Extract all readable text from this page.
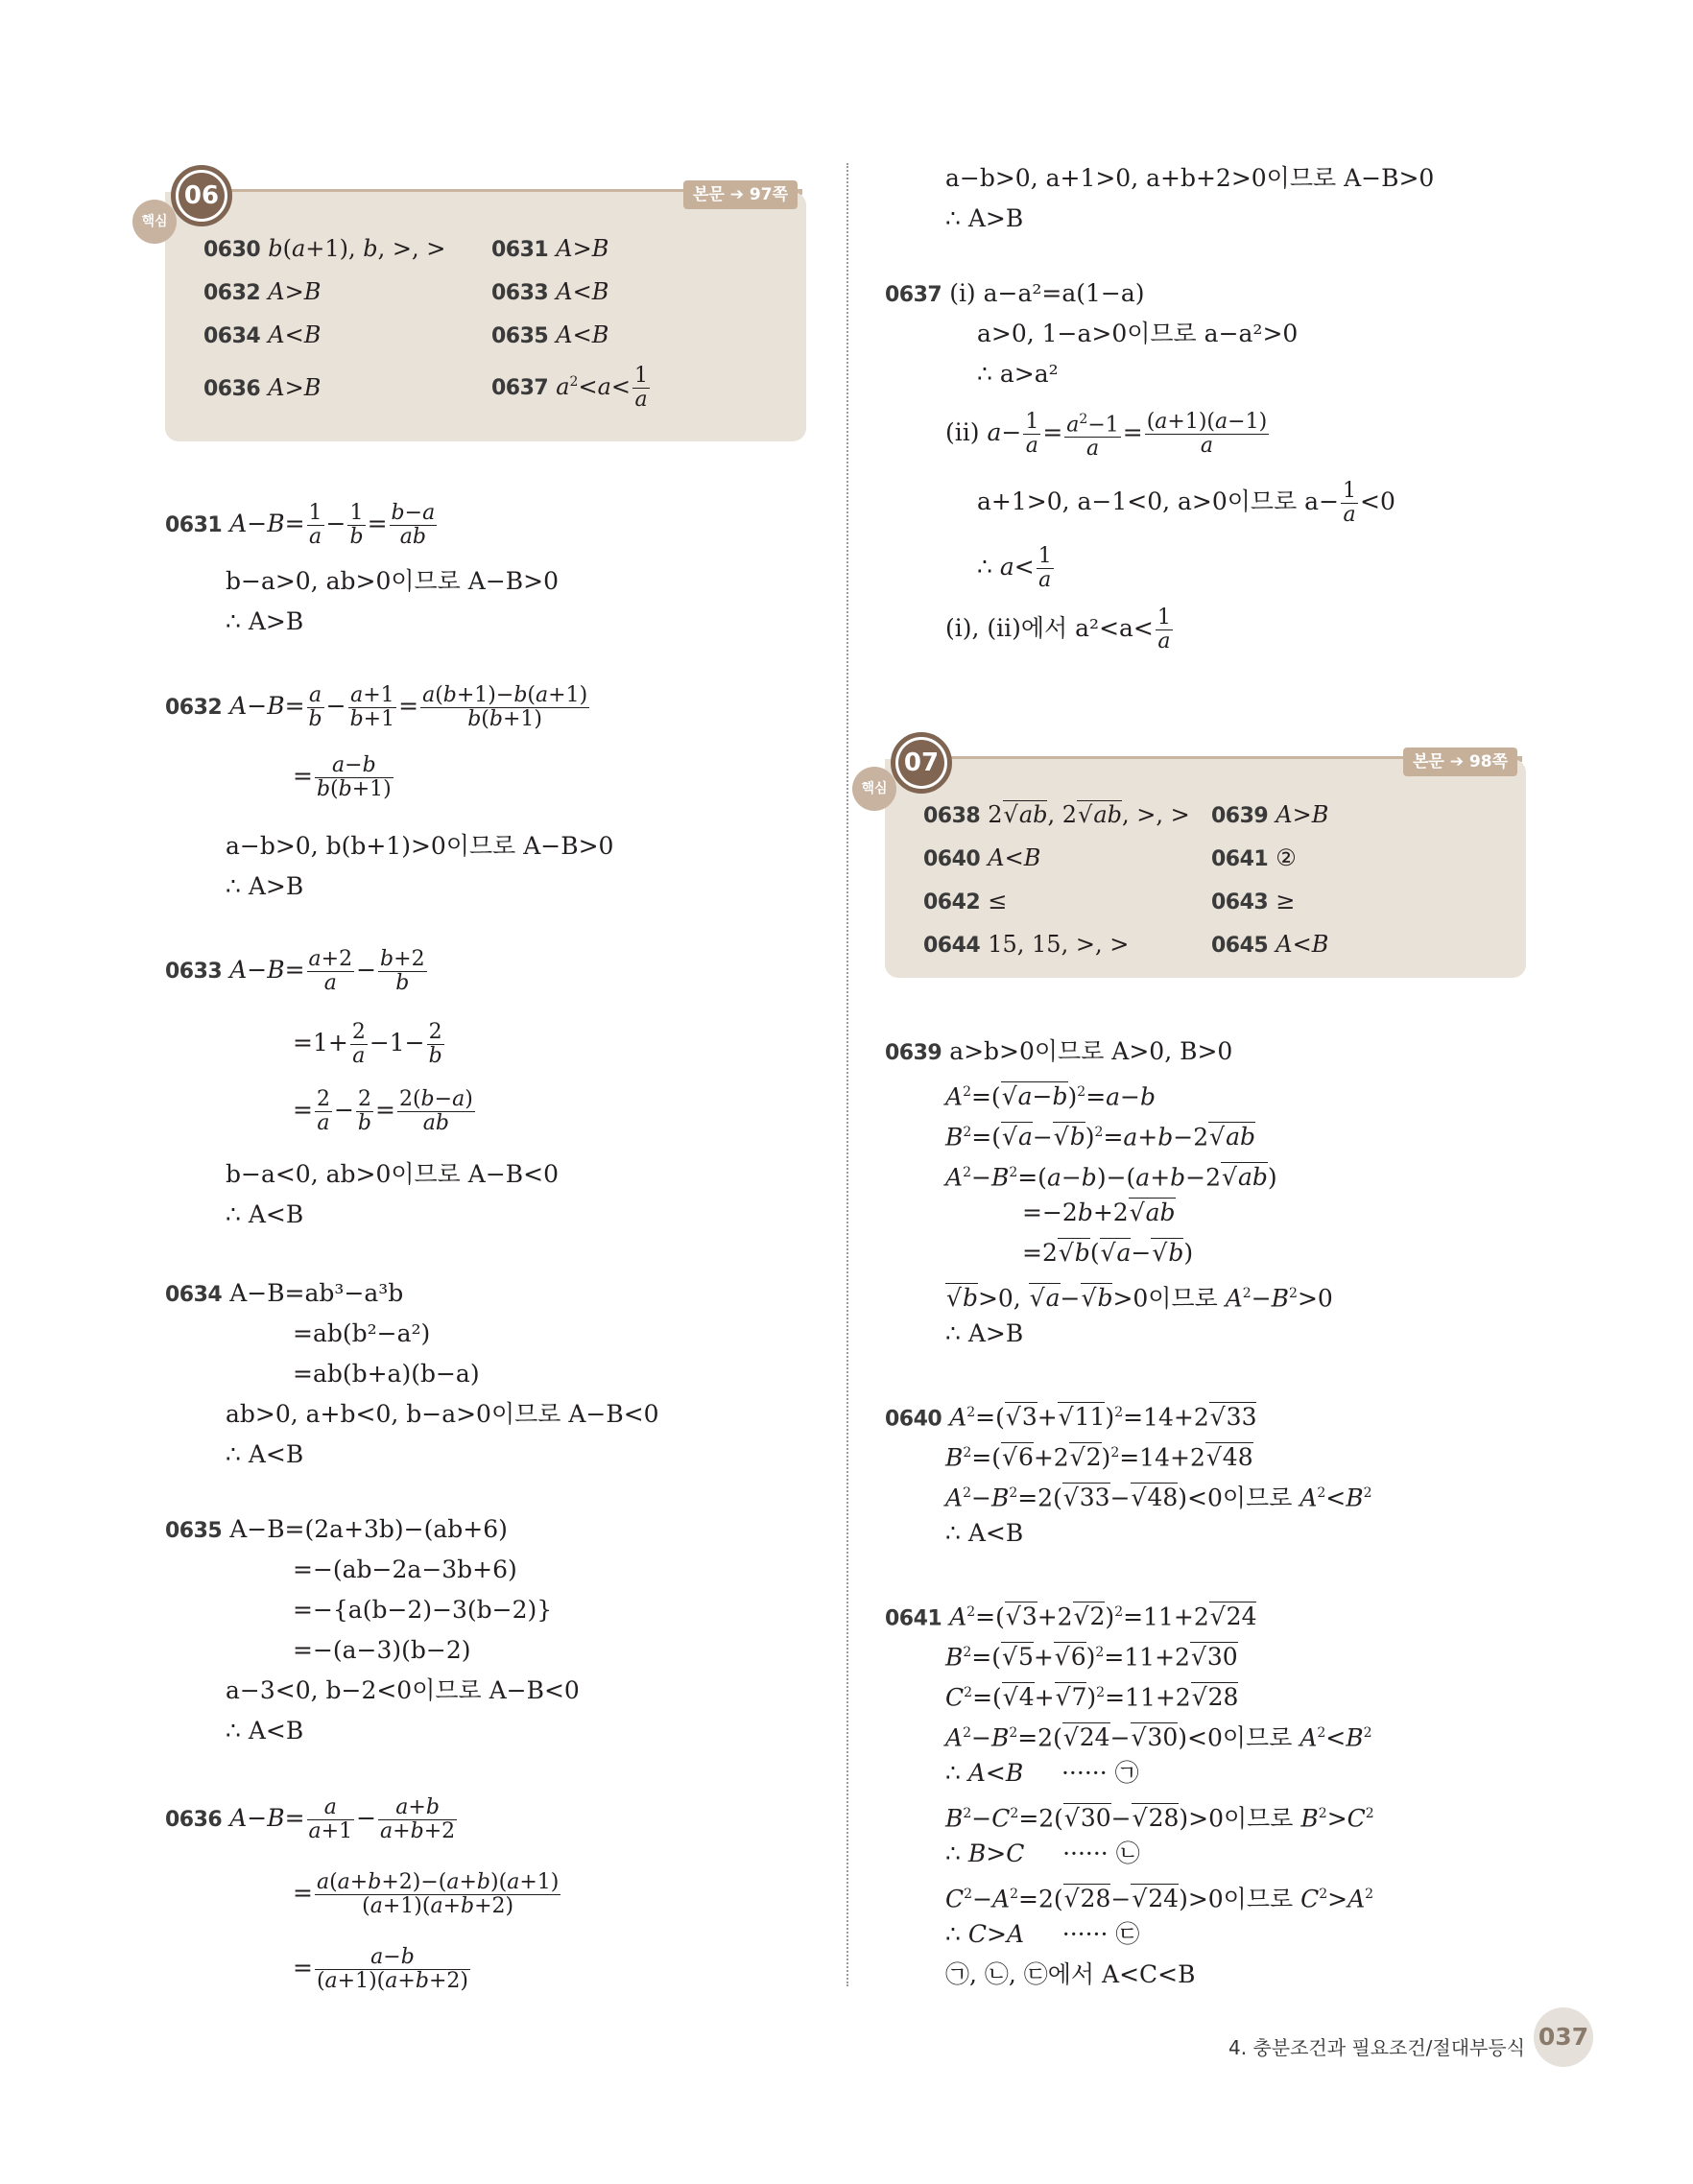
핵심
06	본문 ➔ 97쪽
0630 b(a+1), b, >, > 0631 A>B
0632 A>B	0633 A<B
0634 A<B	0635 A<B
0636 A>B	0637 $a^2<a< \frac{1}{a}$
0631 $A-B= \frac{1}{a} - \frac{1}{b} = \frac{b-a}{ab}$
b−a>0, ab>0이므로 A−B>0
∴ A>B
0632 $A-B= \frac{a}{b} - \frac{a+1}{b+1} = \frac{a(b+1)-b(a+1)}{b(b+1)}$
= $\frac{a-b}{b(b+1)}$
a−b>0, b(b+1)>0이므로 A−B>0
∴ A>B
0633 $A-B= \frac{a+2}{a} - \frac{b+2}{b}$
$=1+ \frac{2}{a} -1- \frac{2}{b}$
= $\frac{2}{a} - \frac{2}{b} = \frac{2(b-a)}{ab}$
b−a<0, ab>0이므로 A−B<0
∴ A<B
0634 A−B=ab³−a³b
=ab(b²−a²)
=ab(b+a)(b−a)
ab>0, a+b<0, b−a>0이므로 A−B<0
∴ A<B
0635 A−B=(2a+3b)−(ab+6)
=−(ab−2a−3b+6)
=−{a(b−2)−3(b−2)}
=−(a−3)(b−2)
a−3<0, b−2<0이므로 A−B<0
∴ A<B
0636 $A-B= \frac{a}{a+1} - \frac{a+b}{a+b+2}$
= $\frac{a(a+b+2)-(a+b)(a+1)}{(a+1)(a+b+2)}$
= $\frac{a-b}{(a+1)(a+b+2)}$
a−b>0, a+1>0, a+b+2>0이므로 A−B>0
∴ A>B
0637 (i) a−a²=a(1−a)
a>0, 1−a>0이므로 a−a²>0
∴ a>a²
(ii) $a- \frac{1}{a} = \frac{a^2-1}{a} = \frac{(a+1)(a-1)}{a}$
a+1>0, a−1<0, a>0이므로 $a- \frac{1}{a} <0$
∴ $a< \frac{1}{a}$
(i), (ii)에서 $a^2<a< \frac{1}{a}$
핵심
07	본문 ➔ 98쪽
0638 2√ ab, 2√ ab, >, > 0639 A>B
0640 A<B	0641 ②
0642 ≤	0643 ≥
0644 15, 15, >, >	0645 A<B
0639 a>b>0이므로 A>0, B>0
$A^2=(√$ a−b)$^2$=a−b
$B^2=(√$ a−√ b)$^2$=a+b−2√ ab
$A^2-B^2=(a-b)-(a+b-2√$ ab)
=−2b+2√ ab
=2√ b(√ a−√ b)
√ b>0, √ a−√ b>0이므로 $A^2-B^2>0$
∴ A>B
0640 $A^2=(√$ 3+√ 11)$^2$=14+2√ 33
$B^2=(√$ 6+2√ 2)$^2$=14+2√ 48
$A^2-B^2=2(√$ 33−√ 48)<0이므로 $A^2<B^2$
∴ A<B
0641 $A^2=(√$ 3+2√ 2)$^2$=11+2√ 24
$B^2=(√$ 5+√ 6)$^2$=11+2√ 30
$C^2=(√$ 4+√ 7)$^2$=11+2√ 28
$A^2-B^2=2(√$ 24−√ 30)<0이므로 $A^2<B^2$
∴ A<B ······ ㉠
$B^2-C^2=2(√$ 30−√ 28)>0이므로 $B^2>C^2$
∴ B>C ······ ㉡
$C^2-A^2=2(√$ 28−√ 24)>0이므로 $C^2>A^2$
∴ C>A ······ ㉢
㉠, ㉡, ㉢에서 A<C<B
4. 충분조건과 필요조건/절대부등식 037
